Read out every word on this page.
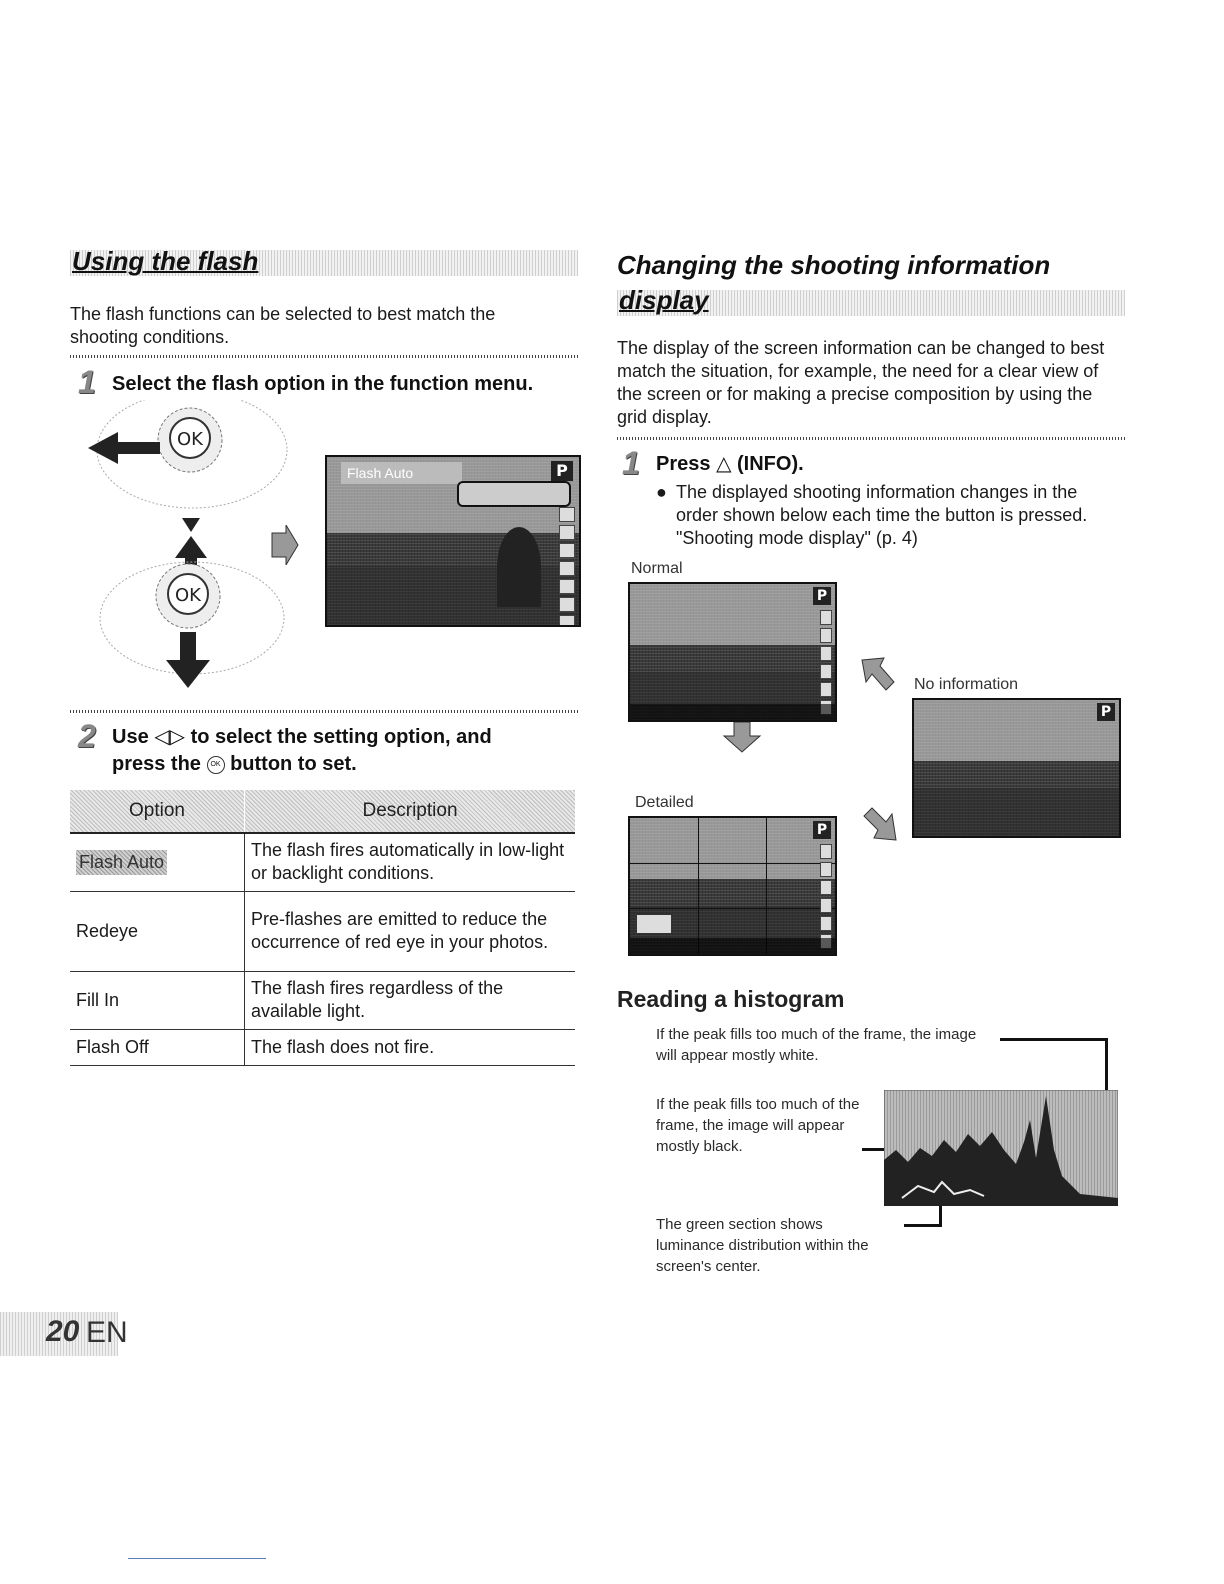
Using the flash
The flash functions can be selected to best match the shooting conditions.
1 Select the flash option in the function menu.
OK
OK
Flash Auto	P
2 Use ◁▷ to select the setting option, and
press the OK button to set.
Option	Description
Flash Auto	The flash fires automatically in low-light or backlight conditions.
Redeye	Pre-flashes are emitted to reduce the occurrence of red eye in your photos.
Fill In	The flash fires regardless of the available light.
Flash Off	The flash does not fire.
Changing the shooting information
display
The display of the screen information can be changed to best match the situation, for example, the need for a clear view of the screen or for making a precise composition by using the grid display.
1 Press △ (INFO).
● The displayed shooting information changes in the order shown below each time the button is pressed. "Shooting mode display" (p. 4)
Normal
P
No information
P
Detailed
P
Reading a histogram
If the peak fills too much of the frame, the image will appear mostly white.
If the peak fills too much of the frame, the image will appear mostly black.
The green section shows luminance distribution within the screen's center.
20 EN
